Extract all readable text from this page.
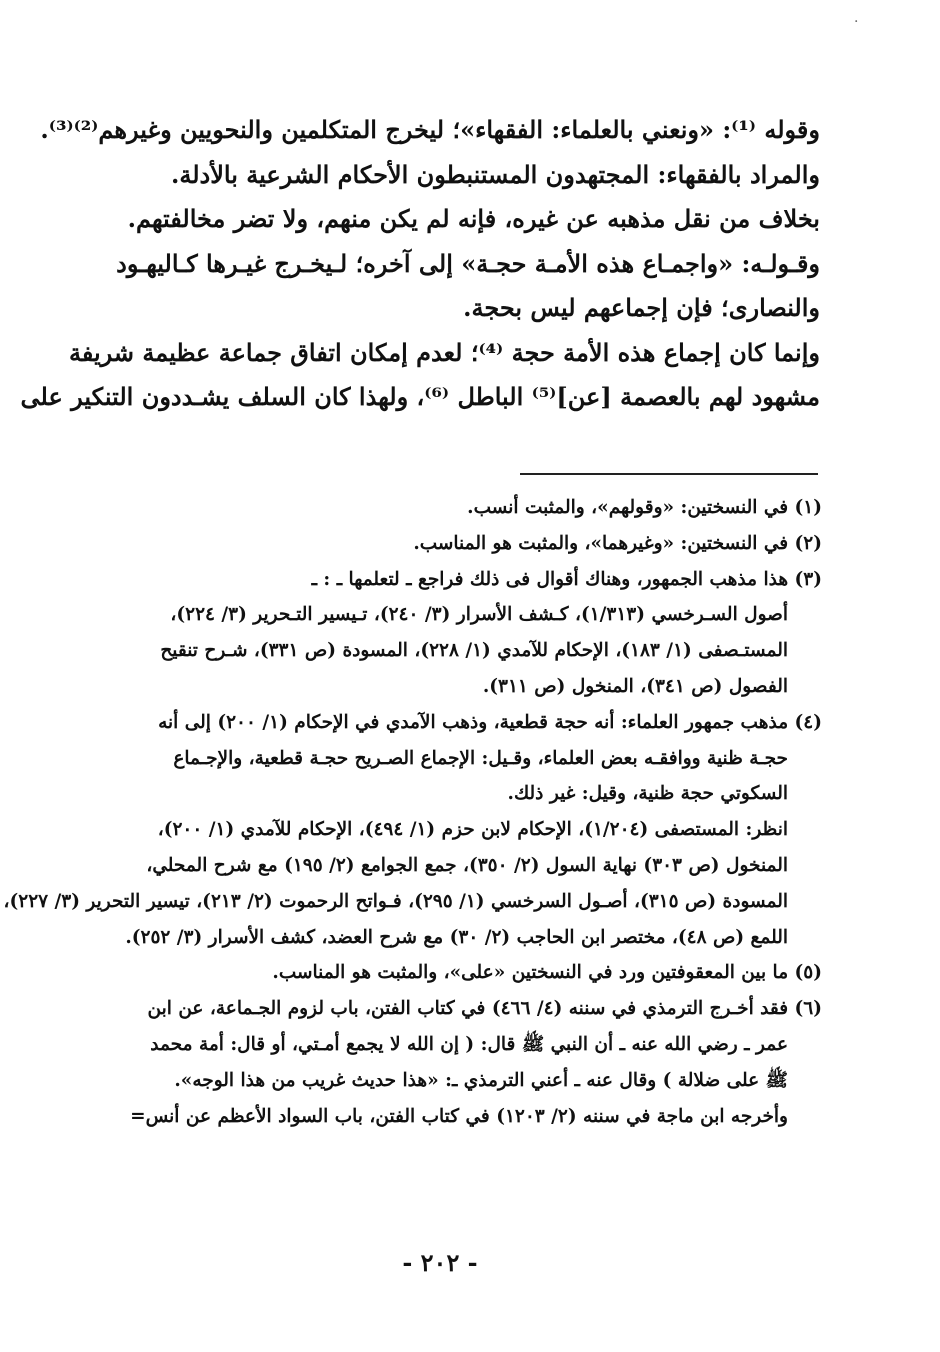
·
وقوله ⁽¹⁾: «ونعني بالعلماء: الفقهاء»؛ ليخرج المتكلمين والنحويين وغيرهم⁽²⁾⁽³⁾.
والمراد بالفقهاء: المجتهدون المستنبطون الأحكام الشرعية بالأدلة.
بخلاف من نقل مذهبه عن غيره، فإنه لم يكن منهم، ولا تضر مخالفتهم.
وقـولـه: «واجمـاع هذه الأمـة حجـة» إلى آخره؛ لـيخـرج غيـرها كـاليهـود
والنصارى؛ فإن إجماعهم ليس بحجة.
وإنما كان إجماع هذه الأمة حجة ⁽⁴⁾؛ لعدم إمكان اتفاق جماعة عظيمة شريفة
مشهود لهم بالعصمة [عن]⁽⁵⁾ الباطل ⁽⁶⁾، ولهذا كان السلف يشـددون التنكير على
(١) في النسختين: «وقولهم»، والمثبت أنسب.
(٢) في النسختين: «وغيرهما»، والمثبت هو المناسب.
(٣) هذا مذهب الجمهور، وهناك أقوال فى ذلك فراجع ـ لتعلمها ـ : ـ
أصول السـرخسي (١/٣١٣)، كـشف الأسرار (٣/ ٢٤٠)، تـيسير التـحرير (٣/ ٢٢٤)،
المستـصفى (١/ ١٨٣)، الإحكام للآمدي (١/ ٢٢٨)، المسودة (ص ٣٣١)، شـرح تنقيح
الفصول (ص ٣٤١)، المنخول (ص ٣١١).
(٤) مذهب جمهور العلماء: أنه حجة قطعية، وذهب الآمدي في الإحكام (١/ ٢٠٠) إلى أنه
حجـة ظنية ووافقـه بعض العلماء، وقـيل: الإجماع الصـريح حجـة قطعية، والإجـماع
السكوتي حجة ظنية، وقيل: غير ذلك.
انظر: المستصفى (١/٢٠٤)، الإحكام لابن حزم (١/ ٤٩٤)، الإحكام للآمدي (١/ ٢٠٠)،
المنخول (ص ٣٠٣) نهاية السول (٢/ ٣٥٠)، جمع الجوامع (٢/ ١٩٥) مع شرح المحلي،
المسودة (ص ٣١٥)، أصـول السرخسي (١/ ٢٩٥)، فـواتح الرحموت (٢/ ٢١٣)، تيسير التحرير (٣/ ٢٢٧)،
اللمع (ص ٤٨)، مختصر ابن الحاجب (٢/ ٣٠) مع شرح العضد، كشف الأسرار (٣/ ٢٥٢).
(٥) ما بين المعقوفتين ورد في النسختين «على»، والمثبت هو المناسب.
(٦) فقد أخـرج الترمذي في سننه (٤/ ٤٦٦) في كتاب الفتن، باب لزوم الجـماعة، عن ابن
عمر ـ رضي الله عنه ـ أن النبي ﷺ قال: ( إن الله لا يجمع أمـتي، أو قال: أمة محمد
ﷺ على ضلالة ) وقال عنه ـ أعني الترمذي ـ: «هذا حديث غريب من هذا الوجه».
وأخرجه ابن ماجة في سننه (٢/ ١٢٠٣) في كتاب الفتن، باب السواد الأعظم عن أنس=
- ٢٠٢ -
